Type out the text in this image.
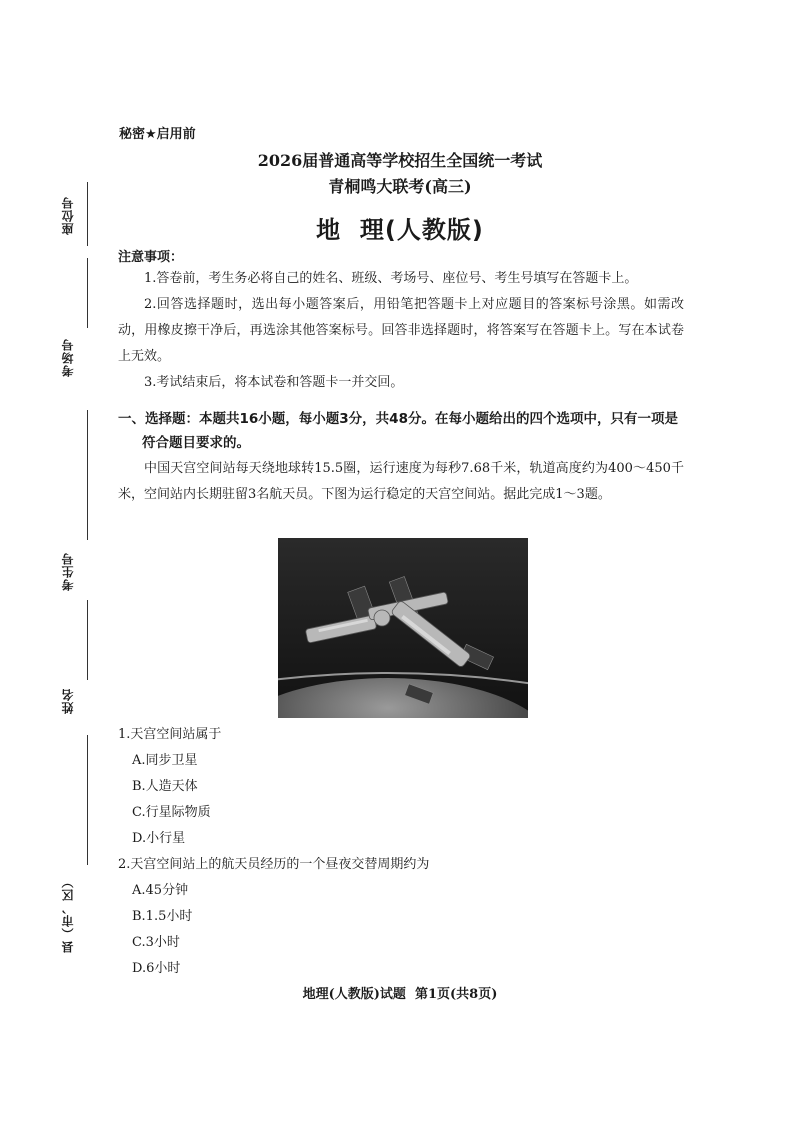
座位号
考场号
考生号
姓名
县（市、区）
秘密★启用前
2026届普通高等学校招生全国统一考试
青桐鸣大联考(高三)
地  理(人教版)
注意事项：

1.答卷前，考生务必将自己的姓名、班级、考场号、座位号、考生号填写在答题卡上。

2.回答选择题时，选出每小题答案后，用铅笔把答题卡上对应题目的答案标号涂黑。如需改动，用橡皮擦干净后，再选涂其他答案标号。回答非选择题时，将答案写在答题卡上。写在本试卷上无效。

3.考试结束后，将本试卷和答题卡一并交回。

一、选择题：本题共16小题，每小题3分，共48分。在每小题给出的四个选项中，只有一项是
符合题目要求的。

中国天宫空间站每天绕地球转15.5圈，运行速度为每秒7.68千米，轨道高度约为400～450千米，空间站内长期驻留3名航天员。下图为运行稳定的天宫空间站。据此完成1～3题。

1.天宫空间站属于

A.同步卫星

B.人造天体

C.行星际物质

D.小行星

2.天宫空间站上的航天员经历的一个昼夜交替周期约为

A.45分钟

B.1.5小时

C.3小时

D.6小时

地理(人教版)试题  第1页(共8页)
